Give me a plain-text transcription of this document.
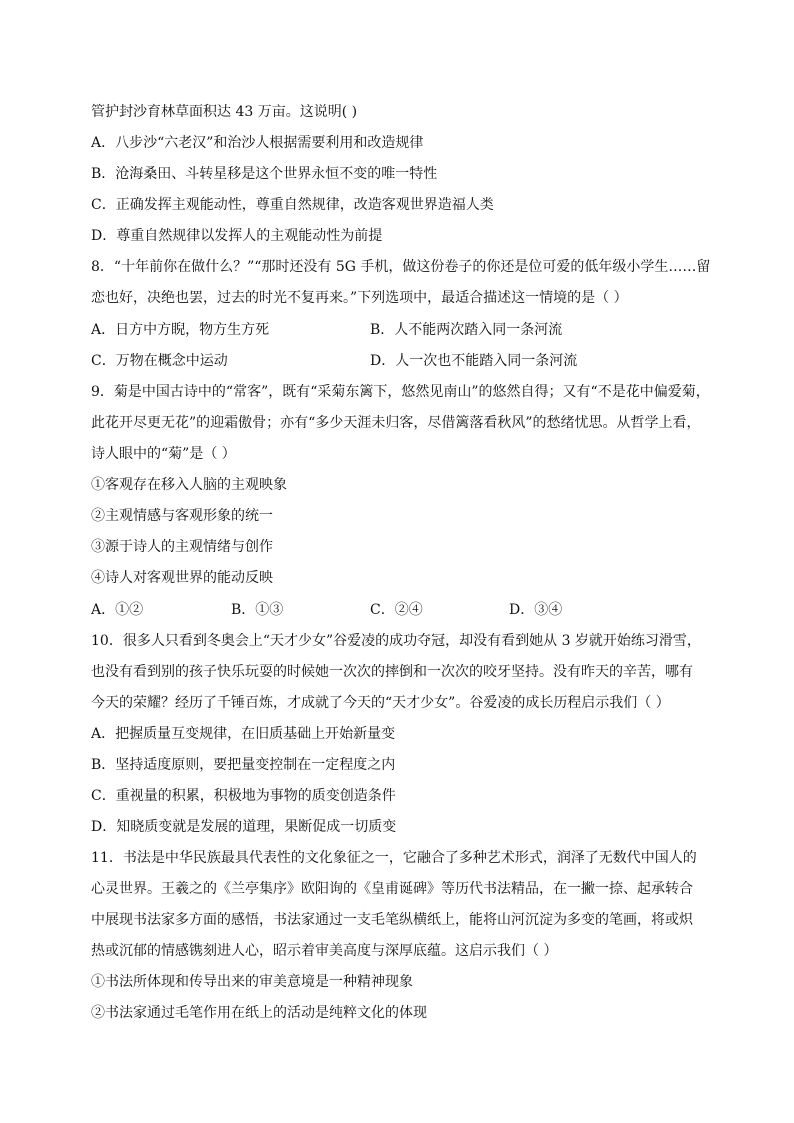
管护封沙育林草面积达 43 万亩。这说明( )
A．八步沙“六老汉”和治沙人根据需要利用和改造规律
B．沧海桑田、斗转星移是这个世界永恒不变的唯一特性
C．正确发挥主观能动性，尊重自然规律，改造客观世界造福人类
D．尊重自然规律以发挥人的主观能动性为前提
8．“十年前你在做什么？”“那时还没有 5G 手机，做这份卷子的你还是位可爱的低年级小学生……留
恋也好，决绝也罢，过去的时光不复再来。”下列选项中，最适合描述这一情境的是（ ）
A．日方中方睨，物方生方死	B．人不能两次踏入同一条河流
C．万物在概念中运动	D．人一次也不能踏入同一条河流
9．菊是中国古诗中的“常客”，既有“采菊东篱下，悠然见南山”的悠然自得；又有“不是花中偏爱菊，
此花开尽更无花”的迎霜傲骨；亦有“多少天涯未归客，尽借篱落看秋风”的愁绪忧思。从哲学上看，
诗人眼中的“菊”是（ ）
①客观存在移入人脑的主观映象
②主观情感与客观形象的统一
③源于诗人的主观情绪与创作
④诗人对客观世界的能动反映
A．①②	B．①③	C．②④	D．③④
10．很多人只看到冬奥会上“天才少女”谷爱凌的成功夺冠，却没有看到她从 3 岁就开始练习滑雪，
也没有看到别的孩子快乐玩耍的时候她一次次的摔倒和一次次的咬牙坚持。没有昨天的辛苦，哪有
今天的荣耀？经历了千锤百炼，才成就了今天的“天才少女”。谷爱凌的成长历程启示我们（ ）
A．把握质量互变规律，在旧质基础上开始新量变
B．坚持适度原则，要把量变控制在一定程度之内
C．重视量的积累，积极地为事物的质变创造条件
D．知晓质变就是发展的道理，果断促成一切质变
11．书法是中华民族最具代表性的文化象征之一，它融合了多种艺术形式，润泽了无数代中国人的
心灵世界。王羲之的《兰亭集序》欧阳询的《皇甫诞碑》等历代书法精品，在一撇一捺、起承转合
中展现书法家多方面的感悟，书法家通过一支毛笔纵横纸上，能将山河沉淀为多变的笔画，将或炽
热或沉郁的情感镌刻进人心，昭示着审美高度与深厚底蕴。这启示我们（ ）
①书法所体现和传导出来的审美意境是一种精神现象
②书法家通过毛笔作用在纸上的活动是纯粹文化的体现
